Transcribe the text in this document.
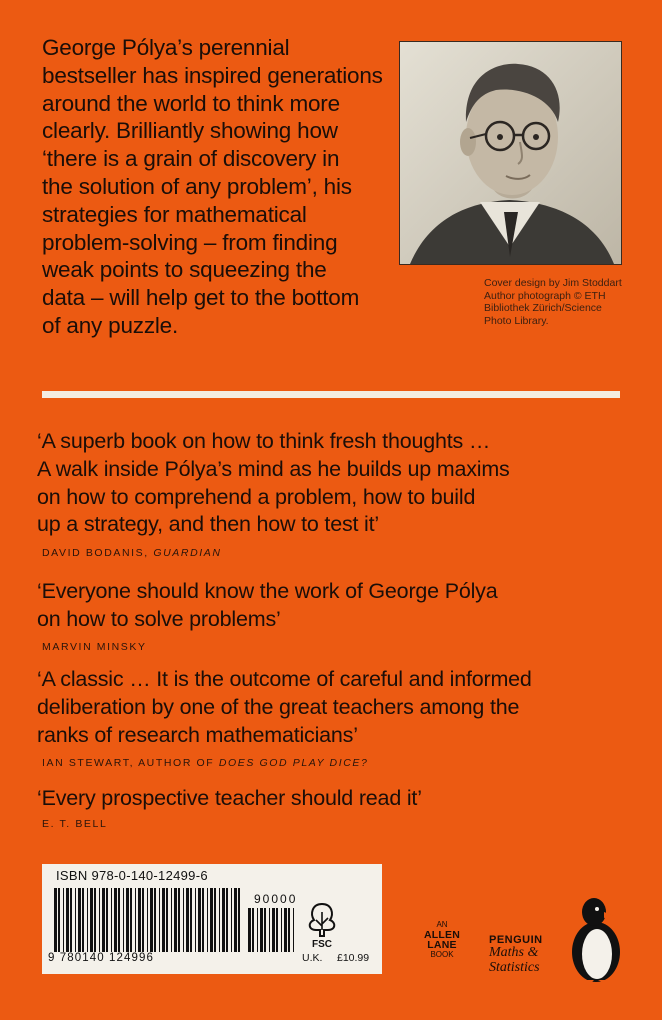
George Pólya’s perennial
bestseller has inspired generations
around the world to think more
clearly. Brilliantly showing how
‘there is a grain of discovery in
the solution of any problem’, his
strategies for mathematical
problem-solving – from finding
weak points to squeezing the
data – will help get to the bottom
of any puzzle.

Cover design by Jim Stoddart
Author photograph © ETH
Bibliothek Zürich/Science
Photo Library.

‘A superb book on how to think fresh thoughts …
A walk inside Pólya’s mind as he builds up maxims
on how to comprehend a problem, how to build
up a strategy, and then how to test it’

DAVID BODANIS, GUARDIAN

‘Everyone should know the work of George Pólya
on how to solve problems’

MARVIN MINSKY

‘A classic … It is the outcome of careful and informed
deliberation by one of the great teachers among the
ranks of research mathematicians’

IAN STEWART, AUTHOR OF DOES GOD PLAY DICE?

‘Every prospective teacher should read it’

E. T. BELL

ISBN 978-0-140-12499-6
90000
9 780140 124996
FSC
U.K. £10.99
AN
ALLEN
LANE
BOOK
PENGUIN

Maths &
Statistics
